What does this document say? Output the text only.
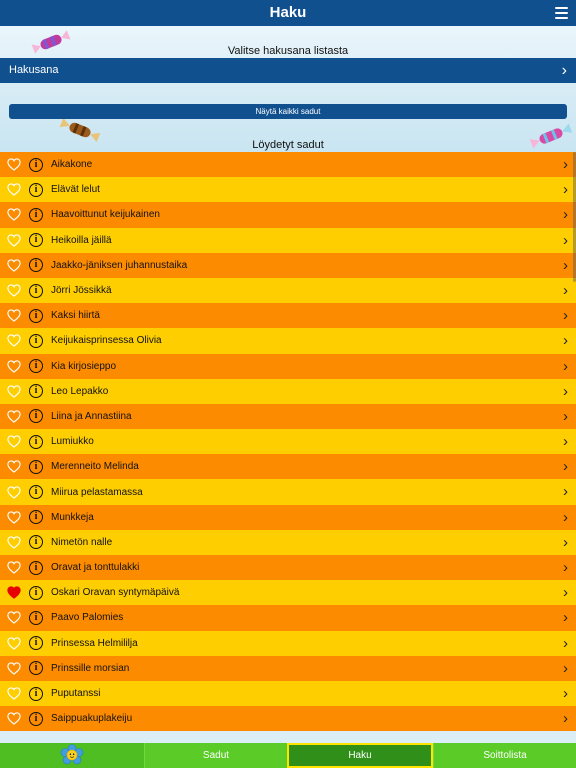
Haku
Valitse hakusana listasta
Hakusana	›
Näytä kaikki sadut
Löydetyt sadut
i	Aikakone	›
i	Elävät lelut	›
i	Haavoittunut keijukainen	›
i	Heikoilla jäillä	›
i	Jaakko-jäniksen juhannustaika	›
i	Jörri Jössikkä	›
i	Kaksi hiirtä	›
i	Keijukaisprinsessa Olivia	›
i	Kia kirjosieppo	›
i	Leo Lepakko	›
i	Liina ja Annastiina	›
i	Lumiukko	›
i	Merenneito Melinda	›
i	Miirua pelastamassa	›
i	Munkkeja	›
i	Nimetön nalle	›
i	Oravat ja tonttulakki	›
i	Oskari Oravan syntymäpäivä	›
i	Paavo Palomies	›
i	Prinsessa Helmililja	›
i	Prinssille morsian	›
i	Puputanssi	›
i	Saippuakuplakeiju	›
Sadut	Haku	Soittolista
